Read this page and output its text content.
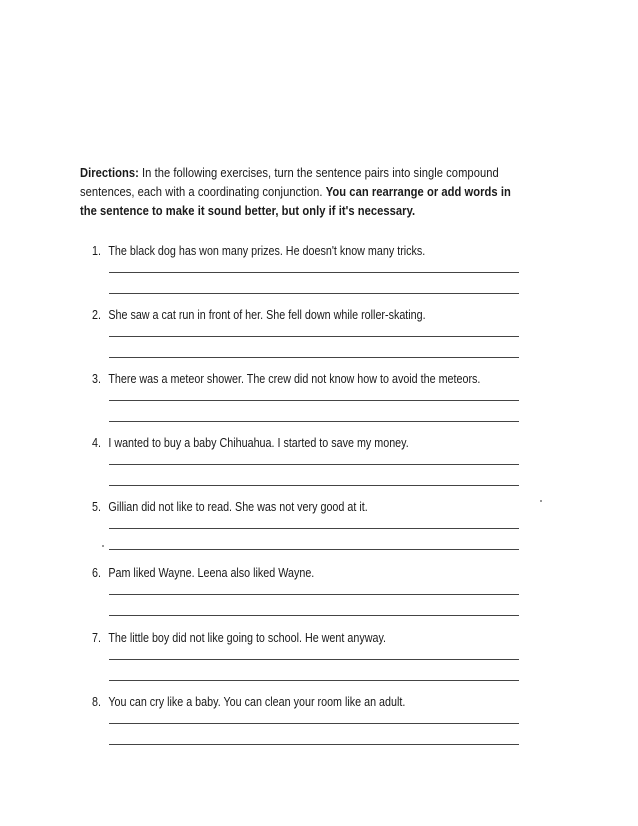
Directions: In the following exercises, turn the sentence pairs into single compound sentences, each with a coordinating conjunction. You can rearrange or add words in the sentence to make it sound better, but only if it's necessary.
1. The black dog has won many prizes. He doesn't know many tricks.
2. She saw a cat run in front of her. She fell down while roller-skating.
3. There was a meteor shower. The crew did not know how to avoid the meteors.
4. I wanted to buy a baby Chihuahua. I started to save my money.
5. Gillian did not like to read. She was not very good at it.
6. Pam liked Wayne. Leena also liked Wayne.
7. The little boy did not like going to school. He went anyway.
8. You can cry like a baby. You can clean your room like an adult.
